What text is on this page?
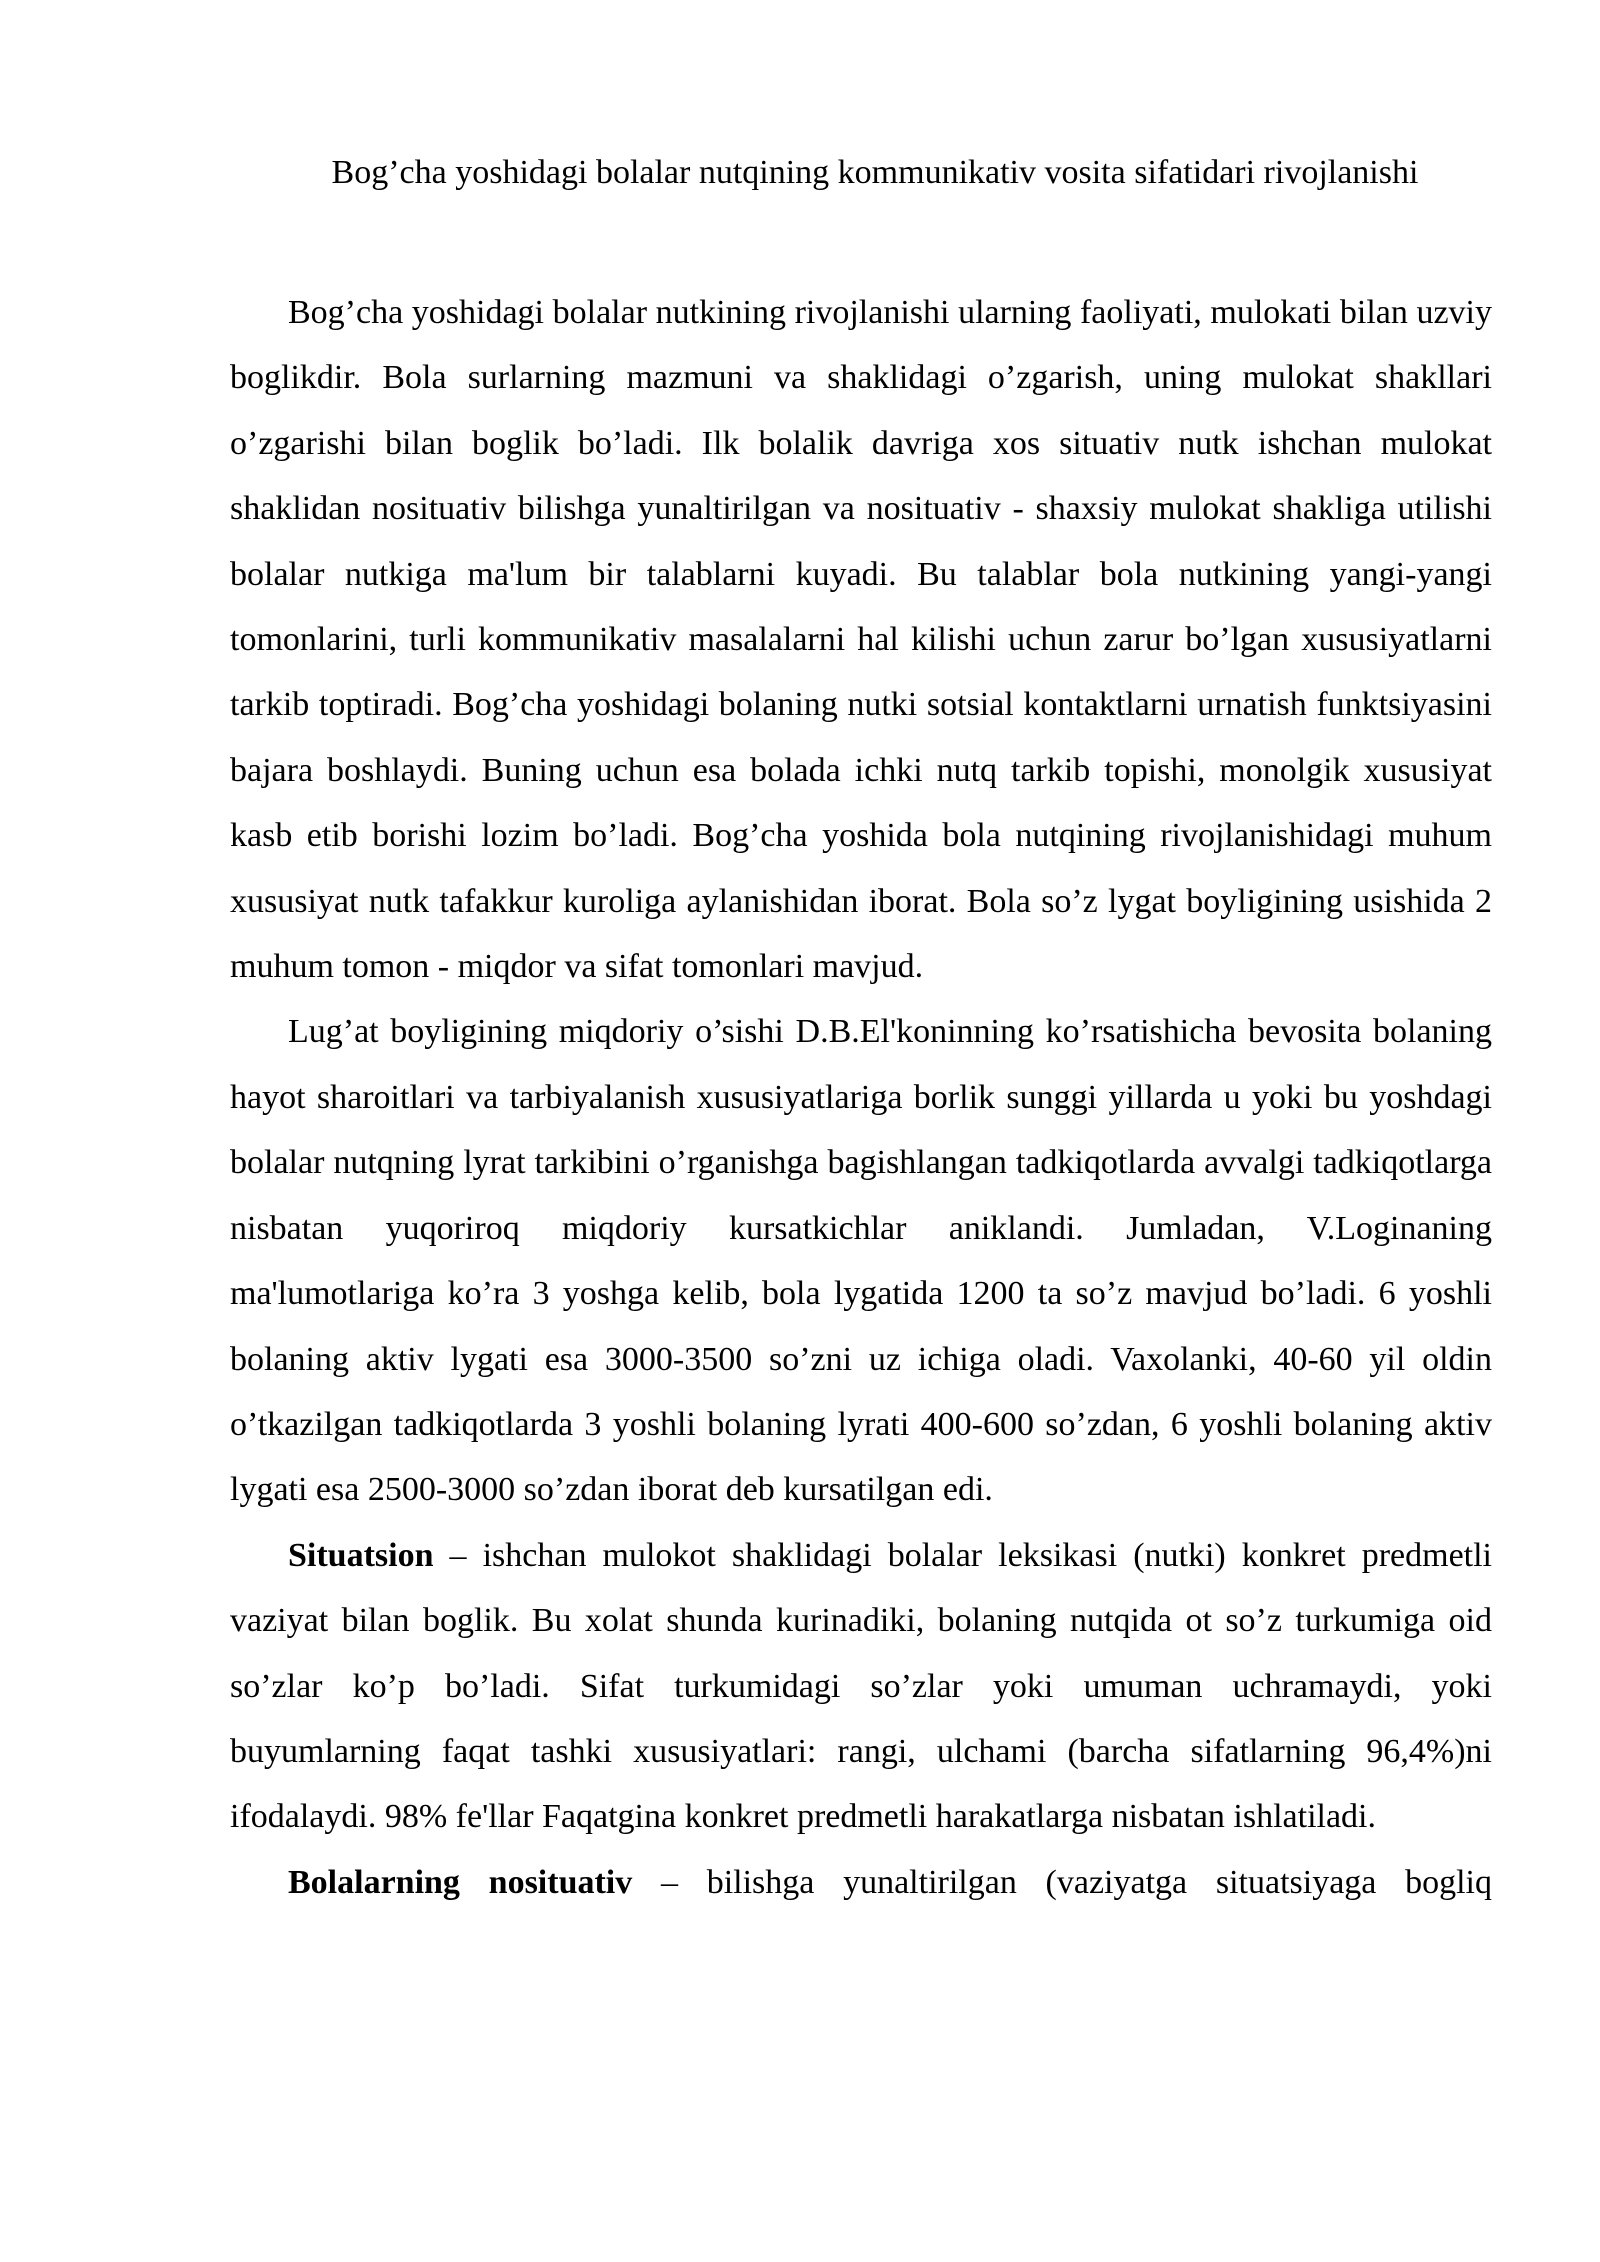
Bog’cha yoshidagi bolalar nutqining kommunikativ vosita sifatidari rivojlanishi

Bog’cha yoshidagi bolalar nutkining rivojlanishi ularning faoliyati, mulokati bilan uzviy boglikdir. Bola surlarning mazmuni va shaklidagi o’zgarish, uning mulokat shakllari o’zgarishi bilan boglik bo’ladi. Ilk bolalik davriga xos situativ nutk ishchan mulokat shaklidan nosituativ bilishga yunaltirilgan va nosituativ - shaxsiy mulokat shakliga utilishi bolalar nutkiga ma'lum bir talablarni kuyadi. Bu talablar bola nutkining yangi-yangi tomonlarini, turli kommunikativ masalalarni hal kilishi uchun zarur bo’lgan xususiyatlarni tarkib toptiradi. Bog’cha yoshidagi bolaning nutki sotsial kontaktlarni urnatish funktsiyasini bajara boshlaydi. Buning uchun esa bolada ichki nutq tarkib topishi, monolgik xususiyat kasb etib borishi lozim bo’ladi. Bog’cha yoshida bola nutqining rivojlanishidagi muhum xususiyat nutk tafakkur kuroliga aylanishidan iborat. Bola so’z lygat boyligining usishida 2 muhum tomon - miqdor va sifat tomonlari mavjud.

Lug’at boyligining miqdoriy o’sishi D.B.El'koninning ko’rsatishicha bevosita bolaning hayot sharoitlari va tarbiyalanish xususiyatlariga borlik sunggi yillarda u yoki bu yoshdagi bolalar nutqning lyrat tarkibini o’rganishga bagishlangan tadkiqotlarda avvalgi tadkiqotlarga nisbatan yuqoriroq miqdoriy kursatkichlar aniklandi. Jumladan, V.Loginaning ma'lumotlariga ko’ra 3 yoshga kelib, bola lygatida 1200 ta so’z mavjud bo’ladi. 6 yoshli bolaning aktiv lygati esa 3000-3500 so’zni uz ichiga oladi. Vaxolanki, 40-60 yil oldin o’tkazilgan tadkiqotlarda 3 yoshli bolaning lyrati 400-600 so’zdan, 6 yoshli bolaning aktiv lygati esa 2500-3000 so’zdan iborat deb kursatilgan edi.

Situatsion – ishchan mulokot shaklidagi bolalar leksikasi (nutki) konkret predmetli vaziyat bilan boglik. Bu xolat shunda kurinadiki, bolaning nutqida ot so’z turkumiga oid so’zlar ko’p bo’ladi. Sifat turkumidagi so’zlar yoki umuman uchramaydi, yoki buyumlarning faqat tashki xususiyatlari: rangi, ulchami (barcha sifatlarning 96,4%)ni ifodalaydi. 98% fe'llar Faqatgina konkret predmetli harakatlarga nisbatan ishlatiladi.

Bolalarning nosituativ – bilishga yunaltirilgan (vaziyatga situatsiyaga bogliq
